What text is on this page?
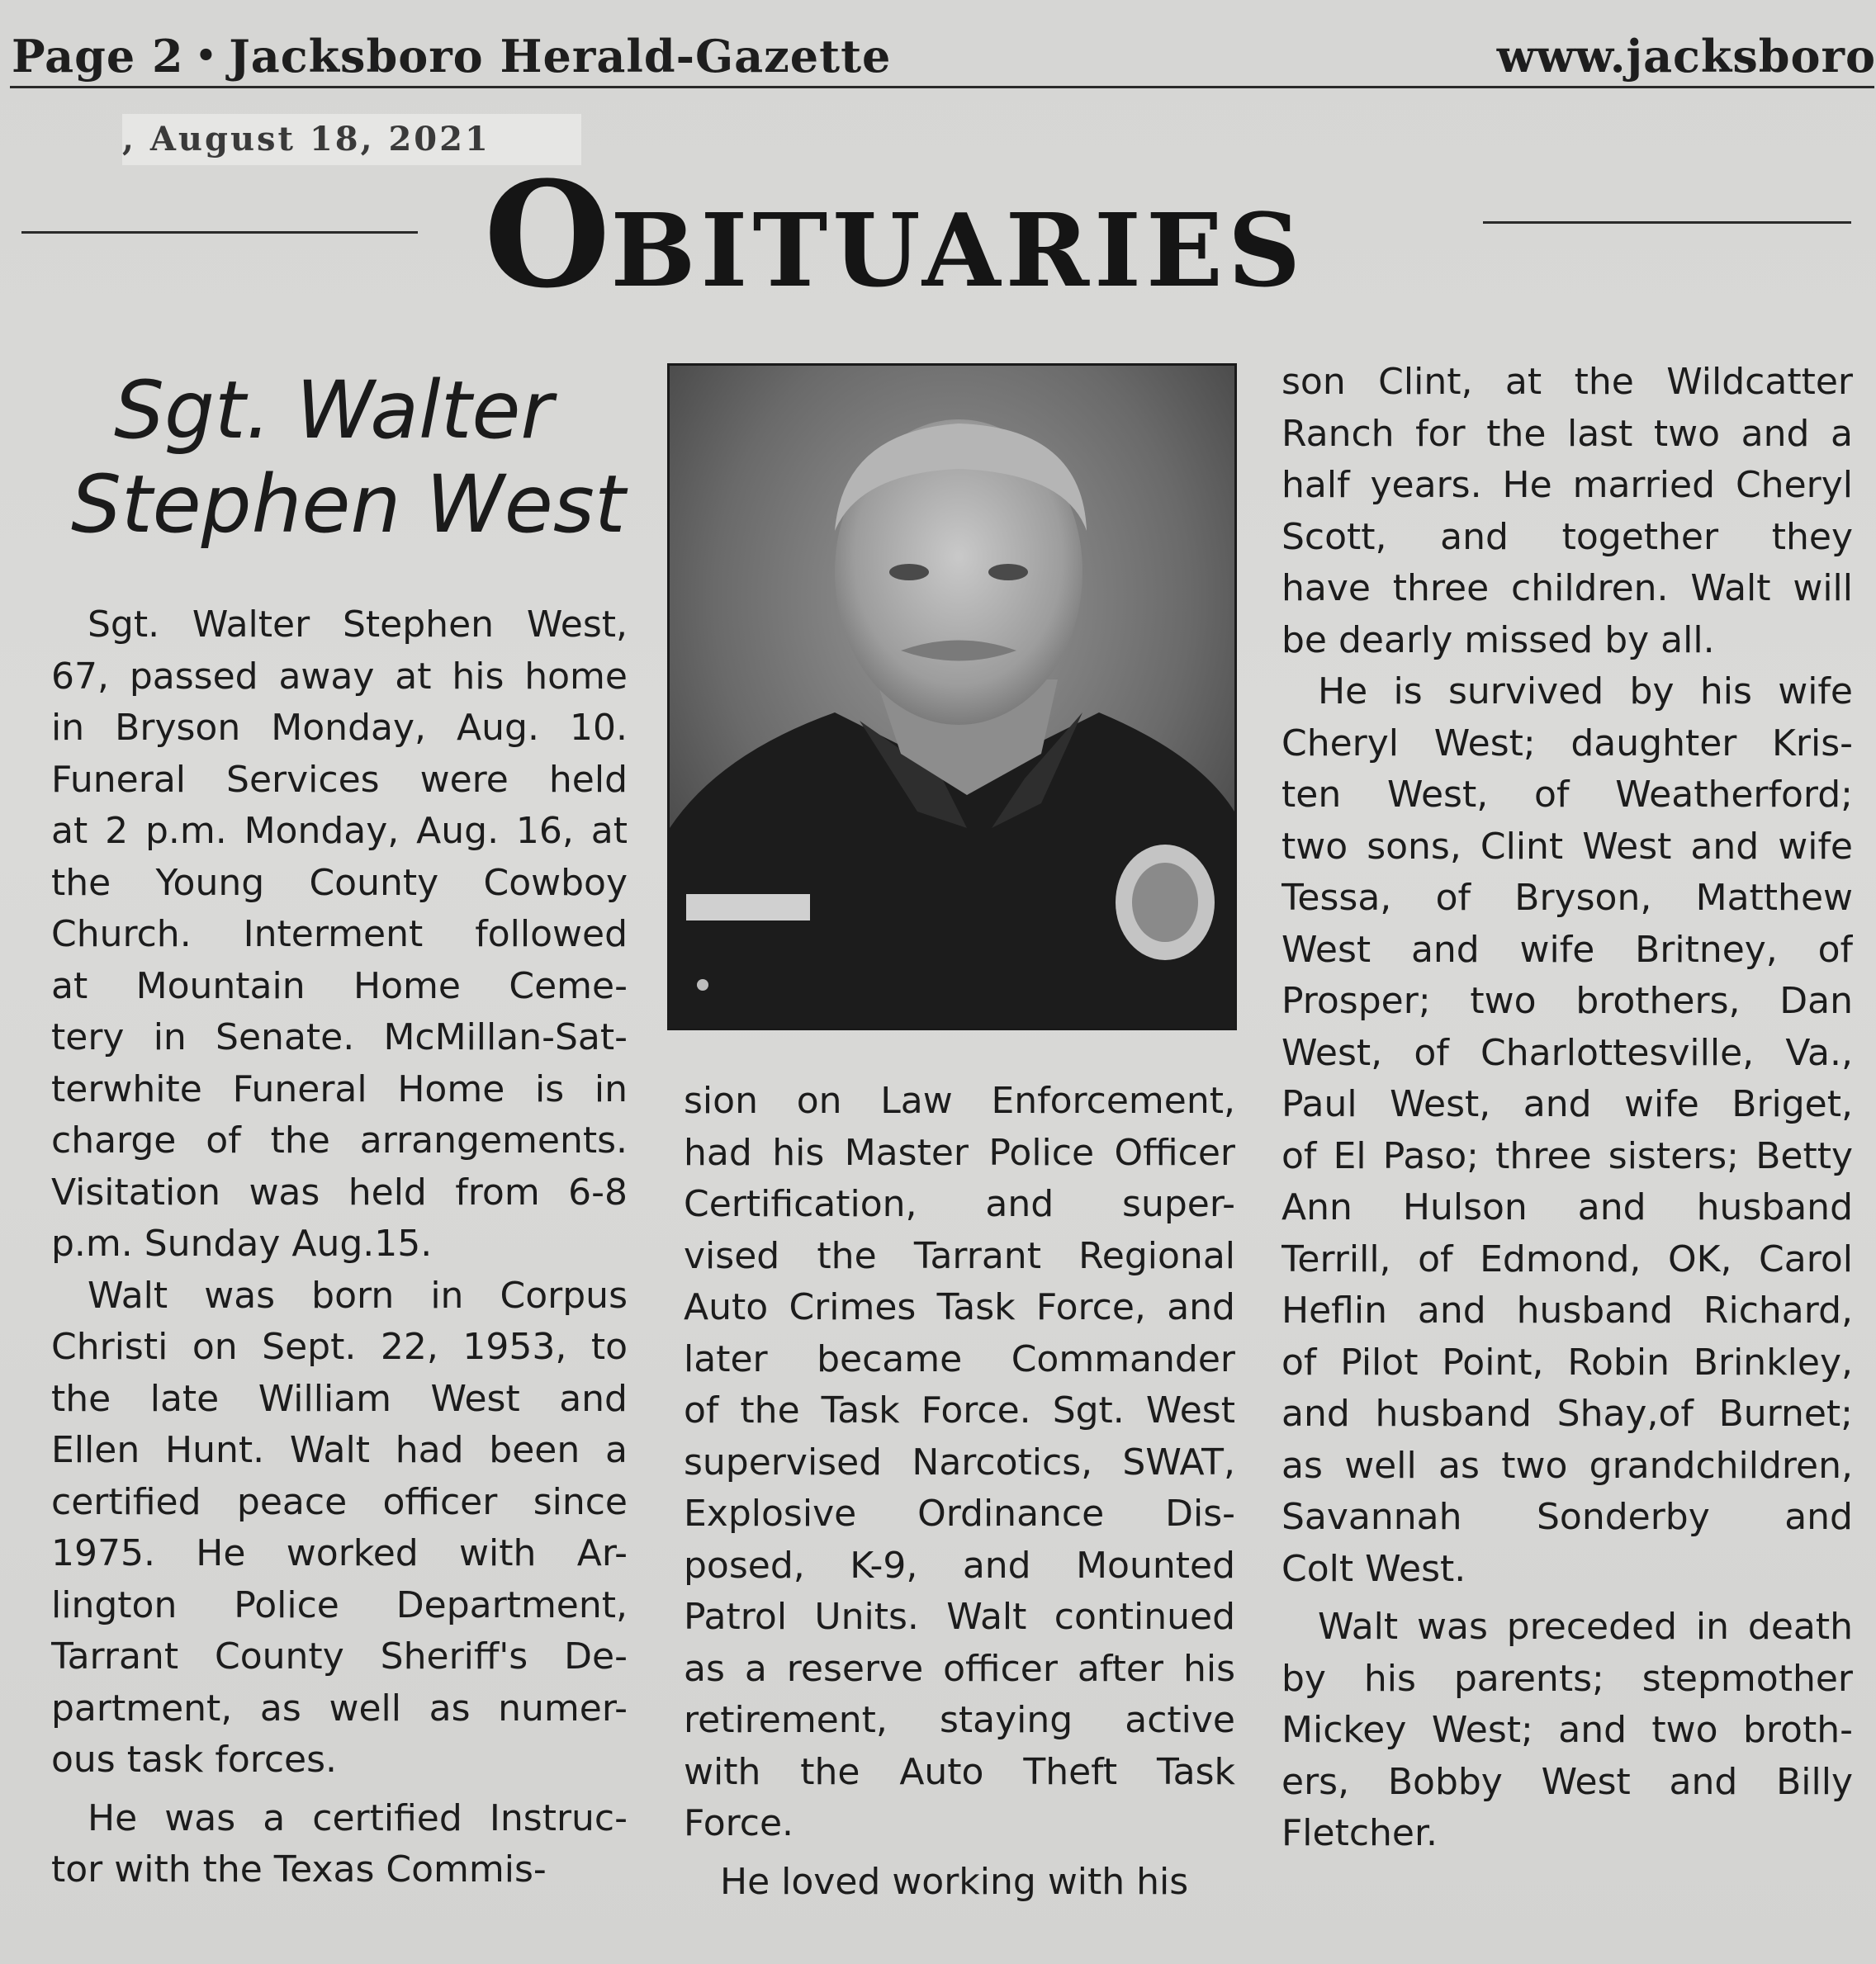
Page 2 • Jacksboro Herald-Gazette	www.jacksboro
, August 18, 2021
OBITUARIES
Sgt. Walter
Stephen West
Sgt. Walter Stephen West,
67, passed away at his home
in Bryson Monday, Aug. 10.
Funeral Services were held
at 2 p.m. Monday, Aug. 16, at
the Young County Cowboy
Church. Interment followed
at Mountain Home Ceme-
tery in Senate. McMillan-Sat-
terwhite Funeral Home is in
charge of the arrangements.
Visitation was held from 6-8
p.m. Sunday Aug.15.
Walt was born in Corpus
Christi on Sept. 22, 1953, to
the late William West and
Ellen Hunt. Walt had been a
certified peace officer since
1975. He worked with Ar-
lington Police Department,
Tarrant County Sheriff's De-
partment, as well as numer-
ous task forces.
He was a certified Instruc-
tor with the Texas Commis-
sion on Law Enforcement,
had his Master Police Officer
Certification, and super-
vised the Tarrant Regional
Auto Crimes Task Force, and
later became Commander
of the Task Force. Sgt. West
supervised Narcotics, SWAT,
Explosive Ordinance Dis-
posed, K-9, and Mounted
Patrol Units. Walt continued
as a reserve officer after his
retirement, staying active
with the Auto Theft Task
Force.
He loved working with his
son Clint, at the Wildcatter
Ranch for the last two and a
half years. He married Cheryl
Scott, and together they
have three children. Walt will
be dearly missed by all.
He is survived by his wife
Cheryl West; daughter Kris-
ten West, of Weatherford;
two sons, Clint West and wife
Tessa, of Bryson, Matthew
West and wife Britney, of
Prosper; two brothers, Dan
West, of Charlottesville, Va.,
Paul West, and wife Briget,
of El Paso; three sisters; Betty
Ann Hulson and husband
Terrill, of Edmond, OK, Carol
Heflin and husband Richard,
of Pilot Point, Robin Brinkley,
and husband Shay,of Burnet;
as well as two grandchildren,
Savannah Sonderby and
Colt West.
Walt was preceded in death
by his parents; stepmother
Mickey West; and two broth-
ers, Bobby West and Billy
Fletcher.
